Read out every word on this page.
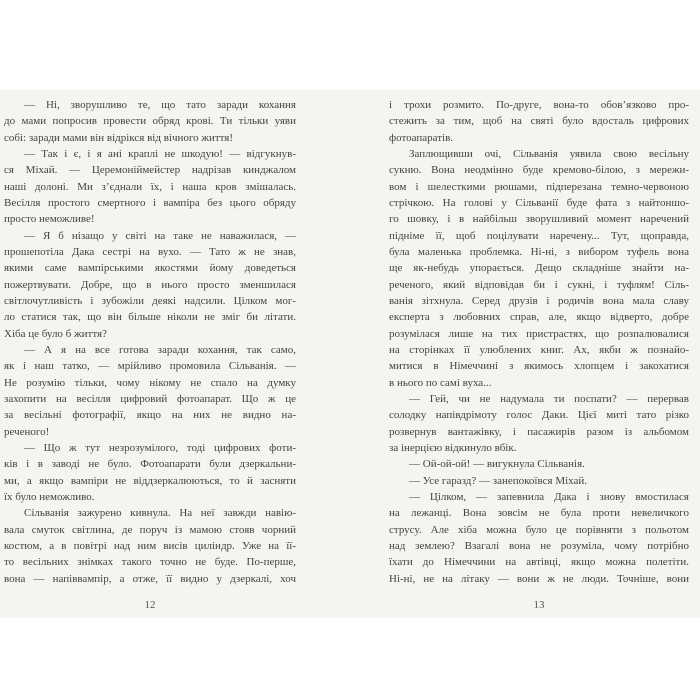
— Ні, зворушливо те, що тато заради кохання
до мами попросив провести обряд крові. Ти тільки уяви
собі: заради мами він відрікся від вічного життя!
— Так і є, і я ані краплі не шкодую! — відгукнув-
ся Міхай. — Церемоніймейстер надрізав кинджалом
наші долоні. Ми з’єднали їх, і наша кров змішалась.
Весілля простого смертного і вампіра без цього обряду
просто неможливе!
— Я б нізащо у світі на таке не наважилася, —
прошепотіла Дака сестрі на вухо. — Тато ж не знав,
якими саме вампірськими якостями йому доведеться
пожертвувати. Добре, що в нього просто зменшилася
світлочутливість і зубожіли деякі надсили. Цілком мог-
ло статися так, що він більше ніколи не зміг би літати.
Хіба це було б життя?
— А я на все готова заради кохання, так само,
як і наш татко, — мрійливо промовила Сільванія. —
Не розумію тільки, чому нікому не спало на думку
захопити на весілля цифровий фотоапарат. Що ж це
за весільні фотографії, якщо на них не видно на-
реченого!
— Що ж тут незрозумілого, тоді цифрових фоти-
ків і в заводі не було. Фотоапарати були дзеркальни-
ми, а якщо вампіри не віддзеркалюються, то й засняти
їх було неможливо.
Сільванія зажурено кивнула. На неї завжди навію-
вала смуток світлина, де поруч із мамою стояв чорний
костюм, а в повітрі над ним висів циліндр. Уже на її-
то весільних знімках такого точно не буде. По-перше,
вона — напіввампір, а отже, її видно у дзеркалі, хоч
і трохи розмито. По-друге, вона-то обов’язково про-
стежить за тим, щоб на святі було вдосталь цифрових
фотоапаратів.
Заплющивши очі, Сільванія уявила свою весільну
сукню. Вона неодмінно буде кремово-білою, з мережи-
вом і шелесткими рюшами, підперезана темно-червоною
стрічкою. На голові у Сільванії буде фата з найтоншо-
го шовку, і в найбільш зворушливий момент наречений
підніме її, щоб поцілувати наречену... Тут, щоправда,
була маленька проблемка. Ні-ні, з вибором туфель вона
ще як-небудь упорається. Дещо складніше знайти на-
реченого, який відповідав би і сукні, і туфлям! Сіль-
ванія зітхнула. Серед друзів і родичів вона мала славу
експерта з любовних справ, але, якщо відверто, добре
розумілася лише на тих пристрастях, що розпалювалися
на сторінках її улюблених книг. Ах, якби ж познайо-
митися в Німеччині з якимось хлопцем і закохатися
в нього по самі вуха...
— Гей, чи не надумала ти поспати? — перервав
солодку напівдрімоту голос Даки. Цієї миті тато різко
розвернув вантажівку, і пасажирів разом із альбомом
за інерцією відкинуло вбік.
— Ой-ой-ой! — вигукнула Сільванія.
— Усе гаразд? — занепокоївся Міхай.
— Цілком, — запевнила Дака і знову вмостилася
на лежанці. Вона зовсім не була проти невеличкого
струсу. Але хіба можна було це порівняти з польотом
над землею? Взагалі вона не розуміла, чому потрібно
їхати до Німеччини на автівці, якщо можна полетіти.
Ні-ні, не на літаку — вони ж не люди. Точніше, вони
12	13
